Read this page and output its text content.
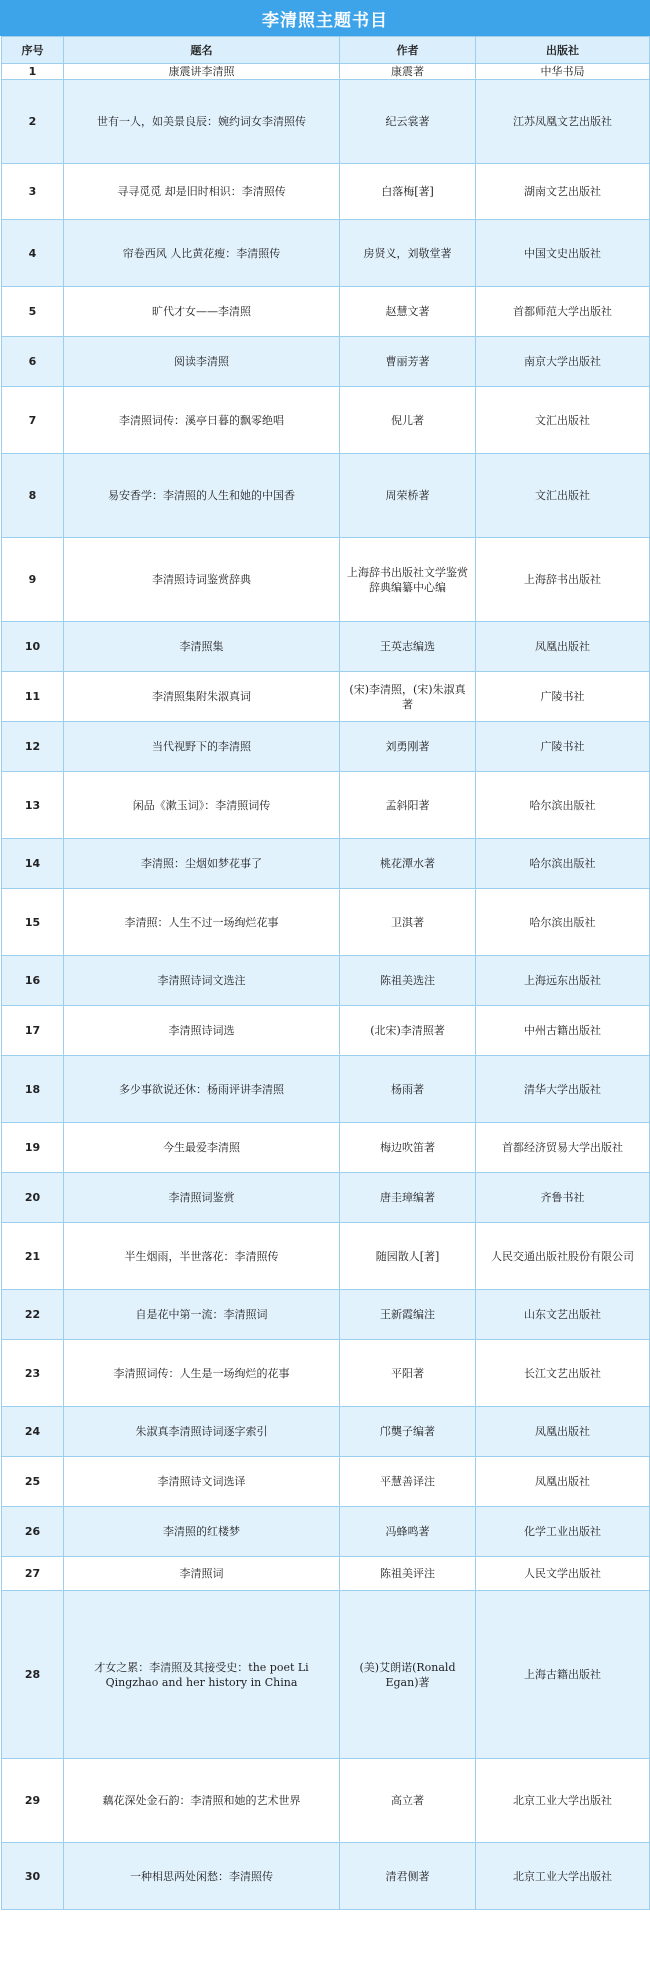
李清照主题书目
序号	题名	作者	出版社
1	康震讲李清照	康震著	中华书局
2	世有一人，如美景良辰：婉约词女李清照传	纪云裳著	江苏凤凰文艺出版社
3	寻寻觅觅 却是旧时相识：李清照传	白落梅[著]	湖南文艺出版社
4	帘卷西风 人比黄花瘦：李清照传	房贤义，刘敬堂著	中国文史出版社
5	旷代才女——李清照	赵慧文著	首都师范大学出版社
6	阅读李清照	曹丽芳著	南京大学出版社
7	李清照词传：溪亭日暮的飘零绝唱	倪儿著	文汇出版社
8	易安香学：李清照的人生和她的中国香	周荣桥著	文汇出版社
9	李清照诗词鉴赏辞典	上海辞书出版社文学鉴赏辞典编纂中心编	上海辞书出版社
10	李清照集	王英志编选	凤凰出版社
11	李清照集附朱淑真词	(宋)李清照，(宋)朱淑真著	广陵书社
12	当代视野下的李清照	刘勇刚著	广陵书社
13	闲品《漱玉词》：李清照词传	孟斜阳著	哈尔滨出版社
14	李清照：尘烟如梦花事了	桃花潭水著	哈尔滨出版社
15	李清照：人生不过一场绚烂花事	卫淇著	哈尔滨出版社
16	李清照诗词文选注	陈祖美选注	上海远东出版社
17	李清照诗词选	(北宋)李清照著	中州古籍出版社
18	多少事欲说还休：杨雨评讲李清照	杨雨著	清华大学出版社
19	今生最爱李清照	梅边吹笛著	首都经济贸易大学出版社
20	李清照词鉴赏	唐圭璋编著	齐鲁书社
21	半生烟雨，半世落花：李清照传	随园散人[著]	人民交通出版社股份有限公司
22	自是花中第一流：李清照词	王新霞编注	山东文艺出版社
23	李清照词传：人生是一场绚烂的花事	平阳著	长江文艺出版社
24	朱淑真李清照诗词逐字索引	邝龑子编著	凤凰出版社
25	李清照诗文词选译	平慧善译注	凤凰出版社
26	李清照的红楼梦	冯蜂鸣著	化学工业出版社
27	李清照词	陈祖美评注	人民文学出版社
28	才女之累：李清照及其接受史：the poet Li Qingzhao and her history in China	(美)艾朗诺(Ronald Egan)著	上海古籍出版社
29	藕花深处金石韵：李清照和她的艺术世界	高立著	北京工业大学出版社
30	一种相思两处闲愁：李清照传	清君侧著	北京工业大学出版社
